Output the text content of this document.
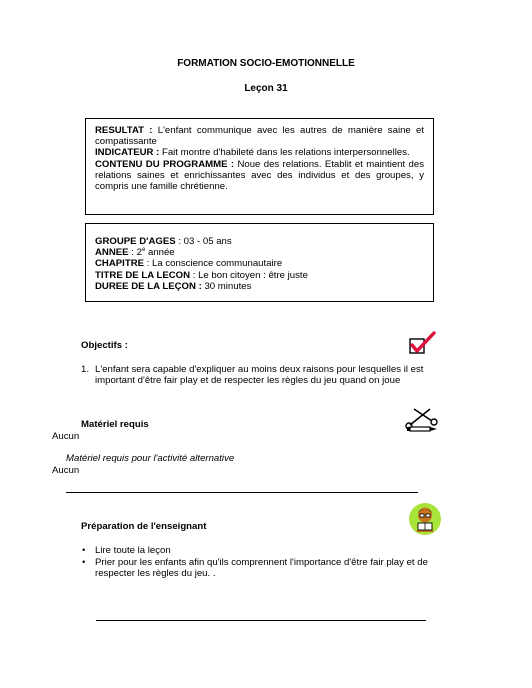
FORMATION SOCIO-EMOTIONNELLE
Leçon 31
RESULTAT : L'enfant communique avec les autres de manière saine et compatissante
INDICATEUR : Fait montre d'habileté dans les relations interpersonnelles.
CONTENU DU PROGRAMME : Noue des relations. Etablit et maintient des relations saines et enrichissantes avec des individus et des groupes, y compris une famille chrétienne.
GROUPE D'AGES : 03 - 05 ans
ANNEE : 2e année
CHAPITRE : La conscience communautaire
TITRE DE LA LECON : Le bon citoyen : être juste
DUREE DE LA LEÇON : 30 minutes
Objectifs :
1. L'enfant sera capable d'expliquer au moins deux raisons pour lesquelles il est important d'être fair play et de respecter les règles du jeu quand on joue
Matériel requis
Aucun
Matériel requis pour l'activité alternative
Aucun
Préparation de l'enseignant
• Lire toute la leçon
• Prier pour les enfants afin qu'ils comprennent l'importance d'être fair play et de respecter les règles du jeu. .
